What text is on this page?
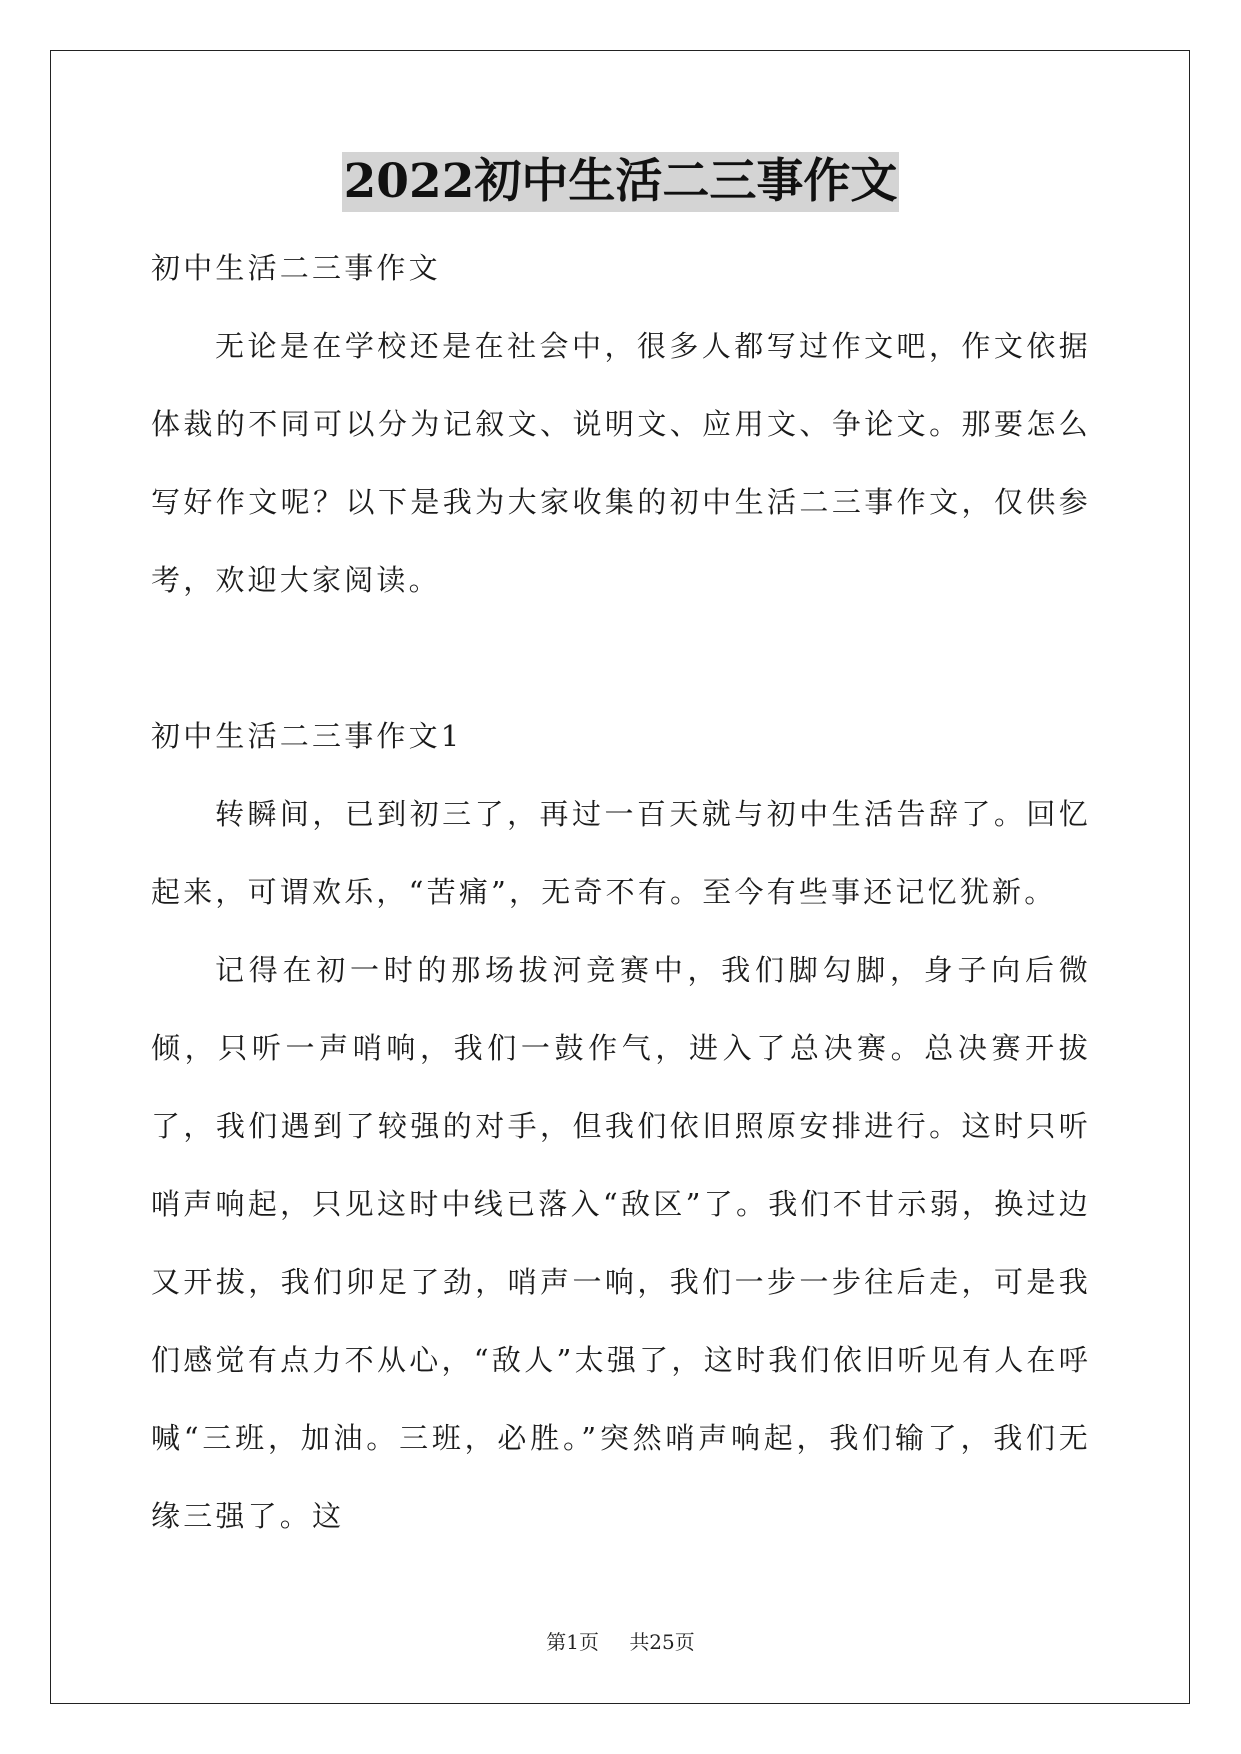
2022初中生活二三事作文

初中生活二三事作文

无论是在学校还是在社会中，很多人都写过作文吧，作文依据体裁的不同可以分为记叙文、说明文、应用文、争论文。那要怎么写好作文呢？以下是我为大家收集的初中生活二三事作文，仅供参考，欢迎大家阅读。

初中生活二三事作文1

转瞬间，已到初三了，再过一百天就与初中生活告辞了。回忆起来，可谓欢乐，“苦痛”，无奇不有。至今有些事还记忆犹新。

记得在初一时的那场拔河竞赛中，我们脚勾脚，身子向后微倾，只听一声哨响，我们一鼓作气，进入了总决赛。总决赛开拔了，我们遇到了较强的对手，但我们依旧照原安排进行。这时只听哨声响起，只见这时中线已落入“敌区”了。我们不甘示弱，换过边又开拔，我们卯足了劲，哨声一响，我们一步一步往后走，可是我们感觉有点力不从心，“敌人”太强了，这时我们依旧听见有人在呼喊“三班，加油。三班，必胜。”突然哨声响起，我们输了，我们无缘三强了。这

第1页 共25页
